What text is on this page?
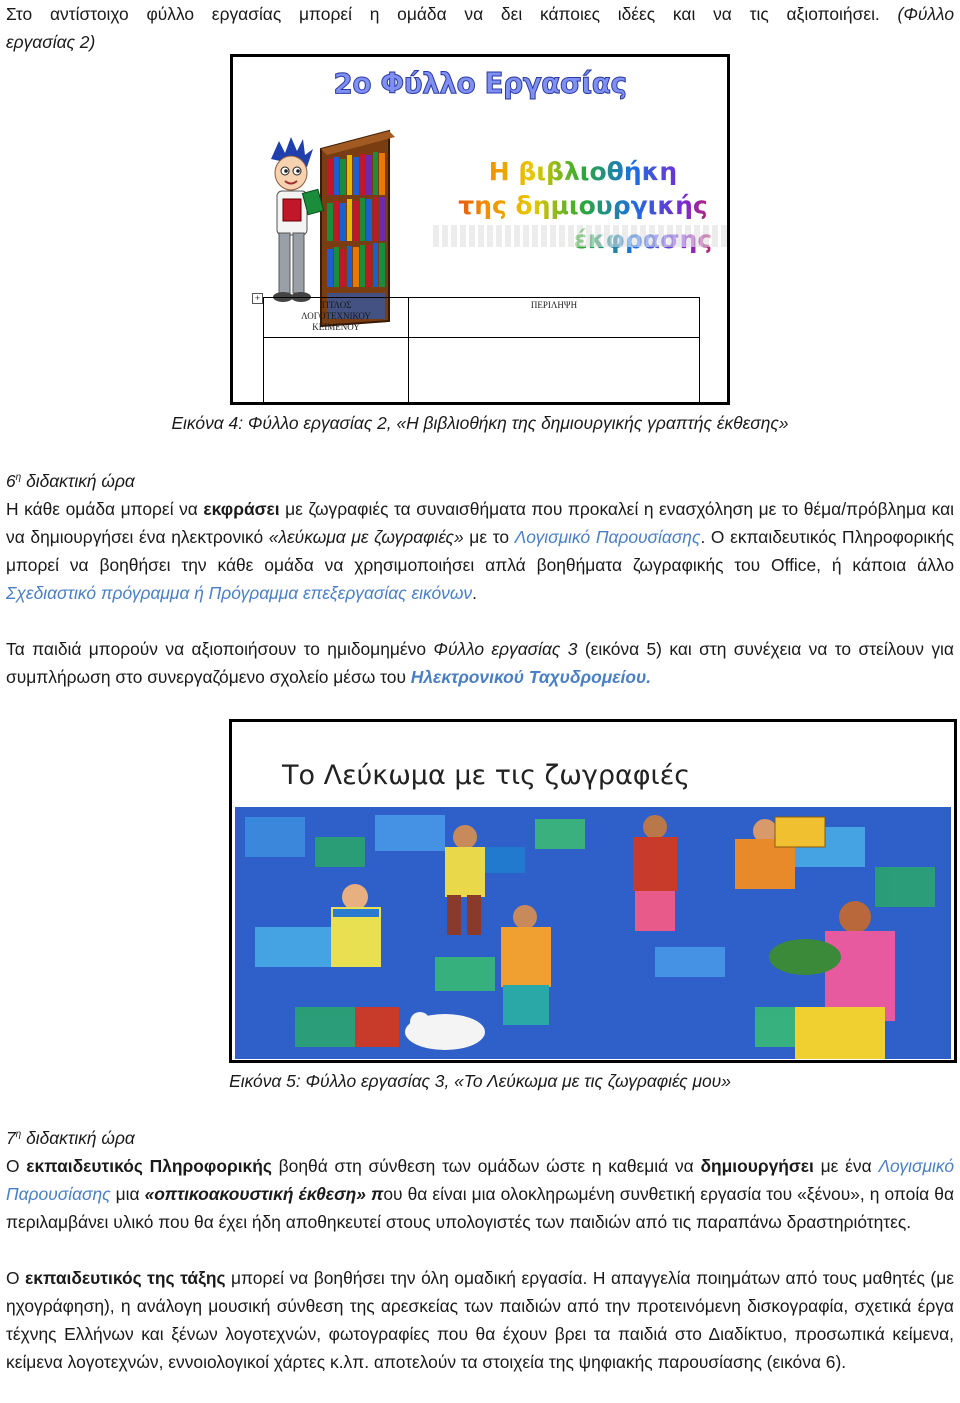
Στο αντίστοιχο φύλλο εργασίας μπορεί η ομάδα να δει κάποιες ιδέες και να τις αξιοποιήσει. (Φύλλο

εργασίας 2)

2ο Φύλλο Εργασίας
Η βιβλιοθήκη
της δημιουργικής
+
ΤΙΤΛΟΣ
ΛΟΓΟΤΕΧΝΙΚΟΥ
ΚΕΙΜΕΝΟΥ	ΠΕΡΙΛΗΨΗ

Εικόνα 4: Φύλλο εργασίας 2, «Η βιβλιοθήκη της δημιουργικής γραπτής έκθεσης»

$6^\eta$ διδακτική ώρα

Η κάθε ομάδα μπορεί να εκφράσει με ζωγραφιές τα συναισθήματα που προκαλεί η ενασχόληση με το θέμα/πρόβλημα και να δημιουργήσει ένα ηλεκτρονικό «λεύκωμα με ζωγραφιές» με το Λογισμικό Παρουσίασης. Ο εκπαιδευτικός Πληροφορικής μπορεί να βοηθήσει την κάθε ομάδα να χρησιμοποιήσει απλά βοηθήματα ζωγραφικής του Office, ή κάποια άλλο Σχεδιαστικό πρόγραμμα ή Πρόγραμμα επεξεργασίας εικόνων.

Τα παιδιά μπορούν να αξιοποιήσουν το ημιδομημένο Φύλλο εργασίας 3 (εικόνα 5) και στη συνέχεια να το στείλουν για συμπλήρωση στο συνεργαζόμενο σχολείο μέσω του Ηλεκτρονικού Ταχυδρομείου.

Το Λεύκωμα με τις ζωγραφιές
Εικόνα 5: Φύλλο εργασίας 3, «Το Λεύκωμα με τις ζωγραφιές μου»

$7^\eta$ διδακτική ώρα

Ο εκπαιδευτικός Πληροφορικής βοηθά στη σύνθεση των ομάδων ώστε η καθεμιά να δημιουργήσει με ένα Λογισμικό Παρουσίασης μια «οπτικοακουστική έκθεση» που θα είναι μια ολοκληρωμένη συνθετική εργασία του «ξένου», η οποία θα περιλαμβάνει υλικό που θα έχει ήδη αποθηκευτεί στους υπολογιστές των παιδιών από τις παραπάνω δραστηριότητες.

Ο εκπαιδευτικός της τάξης μπορεί να βοηθήσει την όλη ομαδική εργασία. Η απαγγελία ποιημάτων από τους μαθητές (με ηχογράφηση), η ανάλογη μουσική σύνθεση της αρεσκείας των παιδιών από την προτεινόμενη δισκογραφία, σχετικά έργα τέχνης Ελλήνων και ξένων λογοτεχνών, φωτογραφίες που θα έχουν βρει τα παιδιά στο Διαδίκτυο, προσωπικά κείμενα, κείμενα λογοτεχνών, εννοιολογικοί χάρτες κ.λπ. αποτελούν τα στοιχεία της ψηφιακής παρουσίασης (εικόνα 6).
